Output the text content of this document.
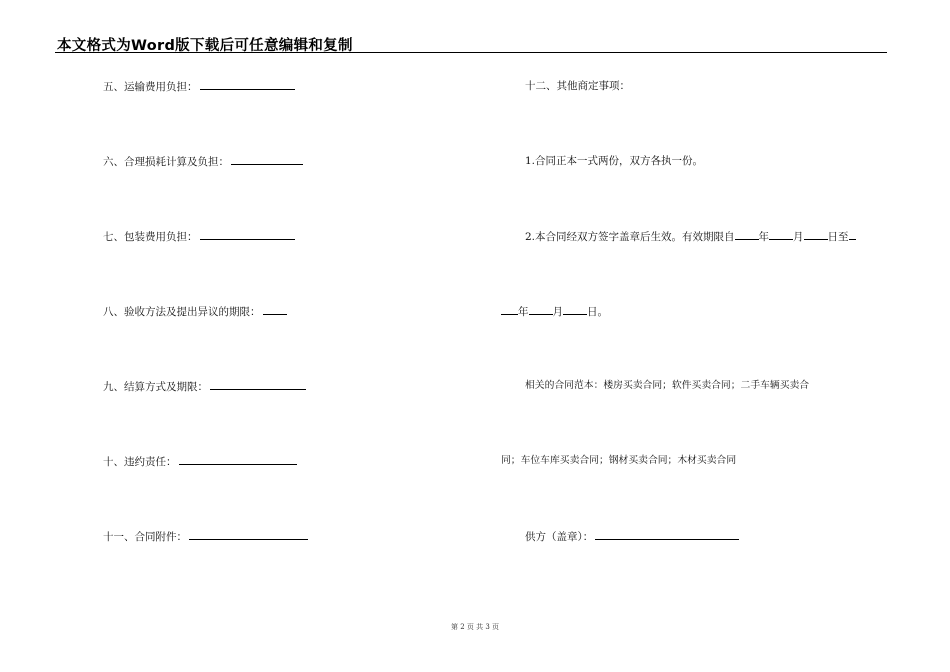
本文格式为Word版下载后可任意编辑和复制
五、运输费用负担：
六、合理损耗计算及负担：
七、包装费用负担：
八、验收方法及提出异议的期限：
九、结算方式及期限：
十、违约责任：
十一、合同附件：
十二、其他商定事项：
1.合同正本一式两份，双方各执一份。
2.本合同经双方签字盖章后生效。有效期限自 年 月 日至
年 月 日。
相关的合同范本：楼房买卖合同；软件买卖合同；二手车辆买卖合
同；车位车库买卖合同；钢材买卖合同；木材买卖合同
供方（盖章）：
第 2 页 共 3 页
